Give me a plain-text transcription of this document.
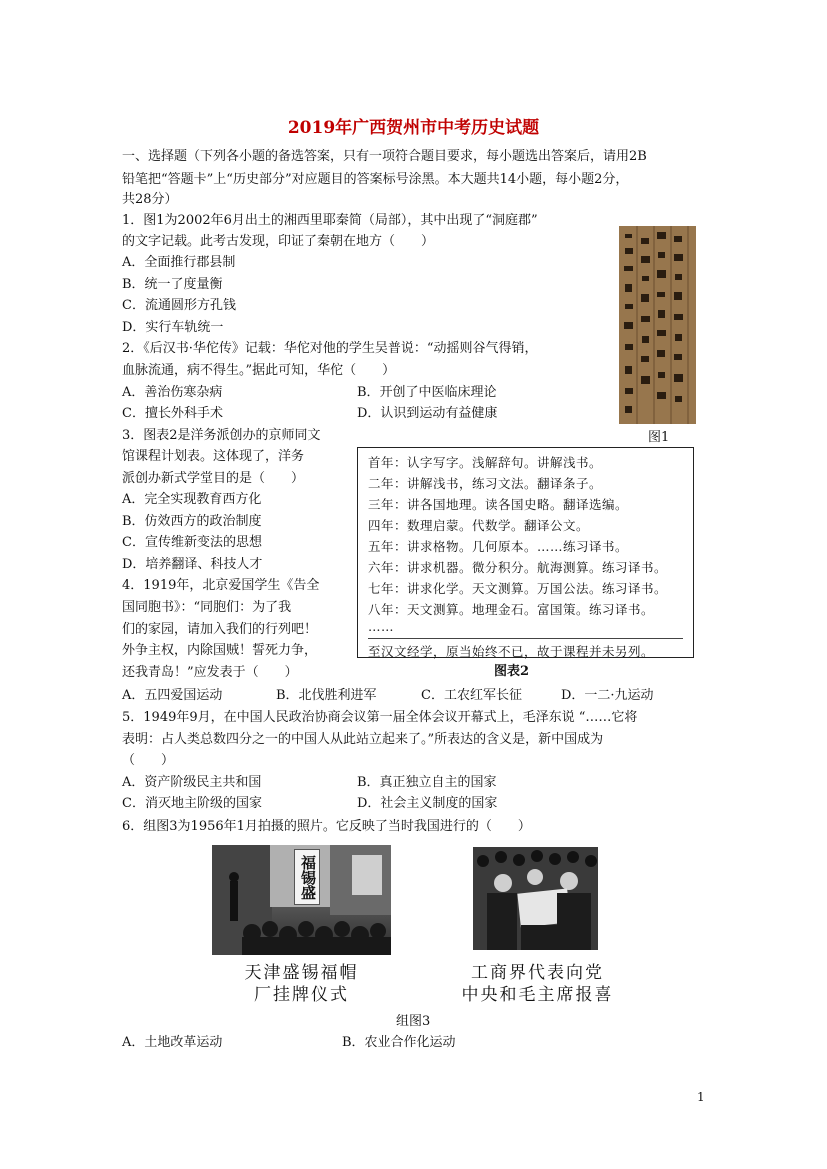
2019年广西贺州市中考历史试题
一、选择题（下列各小题的备选答案，只有一项符合题目要求，每小题选出答案后，请用2B
铅笔把“答题卡”上“历史部分”对应题目的答案标号涂黑。本大题共14小题，每小题2分，
共28分）
1．图1为2002年6月出土的湘西里耶秦简（局部），其中出现了“洞庭郡”
的文字记载。此考古发现，印证了秦朝在地方（　　）
A．全面推行郡县制
B．统一了度量衡
C．流通圆形方孔钱
D．实行车轨统一
图1
2．《后汉书·华佗传》记载：华佗对他的学生吴普说：“动摇则谷气得销，
血脉流通，病不得生。”据此可知，华佗（　　）
A．善治伤寒杂病	B．开创了中医临床理论
C．擅长外科手术	D．认识到运动有益健康
3．图表2是洋务派创办的京师同文
馆课程计划表。这体现了，洋务
派创办新式学堂目的是（　　）
A．完全实现教育西方化
B．仿效西方的政治制度
C．宣传维新变法的思想
D．培养翻译、科技人才
首年：认字写字。浅解辞句。讲解浅书。
二年：讲解浅书，练习文法。翻译条子。
三年：讲各国地理。读各国史略。翻译选编。
四年：数理启蒙。代数学。翻译公文。
五年：讲求格物。几何原本。……练习译书。
六年：讲求机器。微分积分。航海测算。练习译书。
七年：讲求化学。天文测算。万国公法。练习译书。
八年：天文测算。地理金石。富国策。练习译书。
……
至汉文经学，原当始终不已，故于课程并未另列。
图表2
4．1919年，北京爱国学生《告全
国同胞书》：“同胞们：为了我
们的家园，请加入我们的行列吧！
外争主权，内除国贼！誓死力争，
还我青岛！”应发表于（　　）
A．五四爱国运动	B．北伐胜利进军	C．工农红军长征	D．一二·九运动
5．1949年9月，在中国人民政治协商会议第一届全体会议开幕式上，毛泽东说 “……它将
表明：占人类总数四分之一的中国人从此站立起来了。”所表达的含义是，新中国成为
（　　）
A．资产阶级民主共和国	B．真正独立自主的国家
C．消灭地主阶级的国家	D．社会主义制度的国家
6．组图3为1956年1月拍摄的照片。它反映了当时我国进行的（　　）
福锡盛
天津盛锡福帽
厂挂牌仪式
工商界代表向党
中央和毛主席报喜
组图3
A．土地改革运动	B．农业合作化运动
1
